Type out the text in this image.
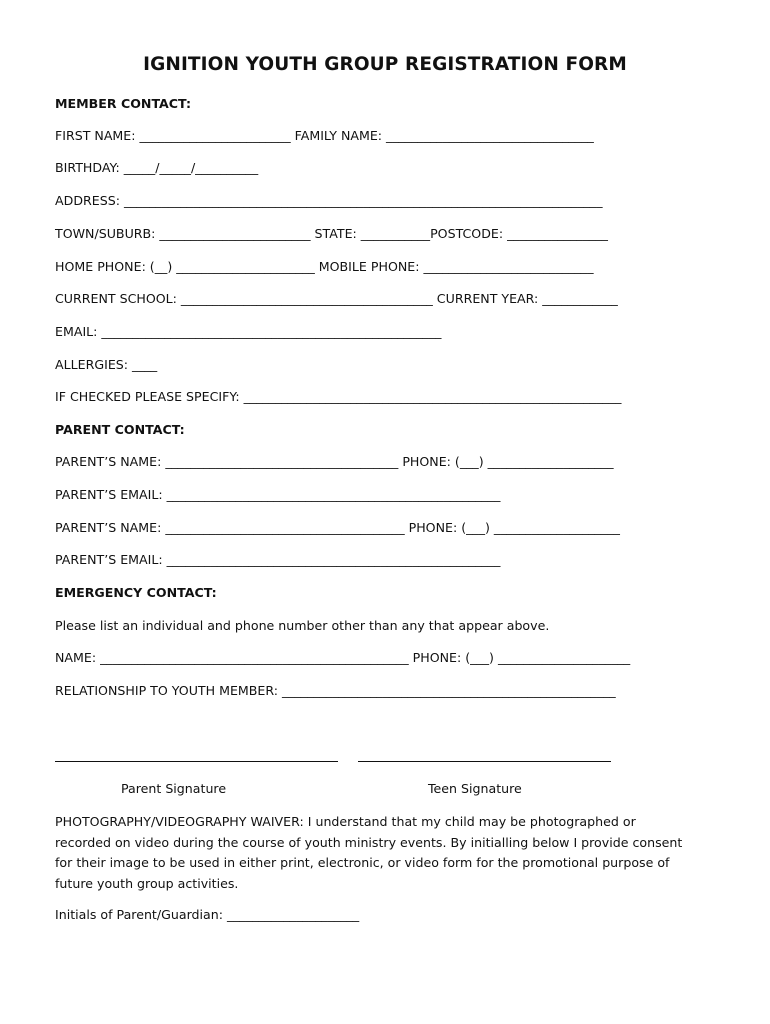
IGNITION YOUTH GROUP REGISTRATION FORM
MEMBER CONTACT:
FIRST NAME: ________________________ FAMILY NAME: _________________________________
BIRTHDAY: _____/_____/__________
ADDRESS: ____________________________________________________________________________
TOWN/SUBURB: ________________________ STATE: ___________POSTCODE: ________________
HOME PHONE: (__) ______________________ MOBILE PHONE: ___________________________
CURRENT SCHOOL: ________________________________________ CURRENT YEAR: ____________
EMAIL: ______________________________________________________
ALLERGIES: ____
IF CHECKED PLEASE SPECIFY: ____________________________________________________________
PARENT CONTACT:
PARENT’S NAME: _____________________________________ PHONE: (___) ____________________
PARENT’S EMAIL: _____________________________________________________
PARENT’S NAME: ______________________________________ PHONE: (___) ____________________
PARENT’S EMAIL: _____________________________________________________
EMERGENCY CONTACT:
Please list an individual and phone number other than any that appear above.
NAME: _________________________________________________ PHONE: (___) _____________________
RELATIONSHIP TO YOUTH MEMBER: _____________________________________________________
Parent Signature	Teen Signature
PHOTOGRAPHY/VIDEOGRAPHY WAIVER: I understand that my child may be photographed or recorded on video during the course of youth ministry events. By initialling below I provide consent for their image to be used in either print, electronic, or video form for the promotional purpose of future youth group activities.
Initials of Parent/Guardian: _____________________
